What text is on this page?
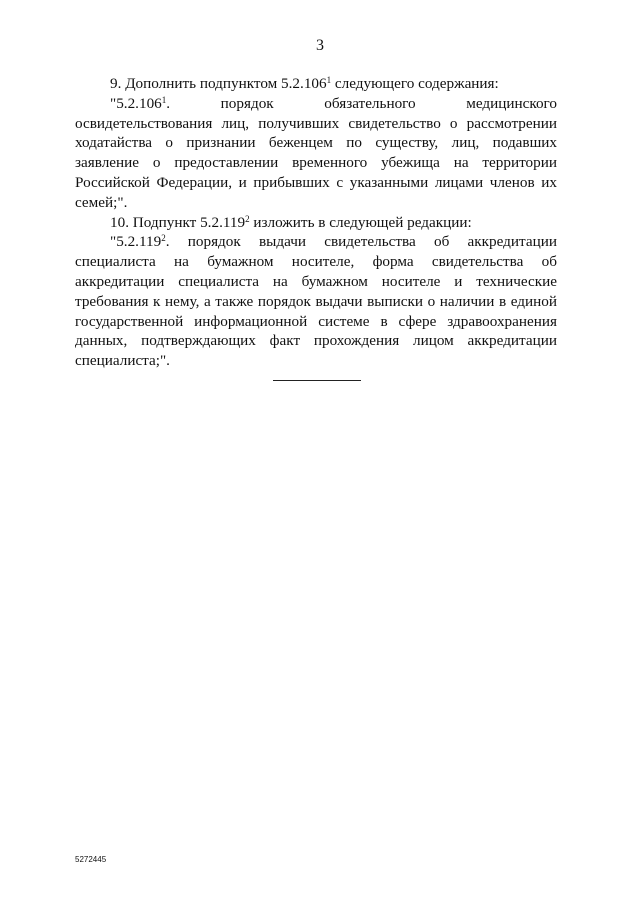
3

9. Дополнить подпунктом 5.2.106$^1$ следующего содержания:

"5.2.106$^1$. порядок обязательного медицинского освидетельствования лиц, получивших свидетельство о рассмотрении ходатайства о признании беженцем по существу, лиц, подавших заявление о предоставлении временного убежища на территории Российской Федерации, и прибывших с указанными лицами членов их семей;".

10. Подпункт 5.2.119$^2$ изложить в следующей редакции:

"5.2.119$^2$. порядок выдачи свидетельства об аккредитации специалиста на бумажном носителе, форма свидетельства об аккредитации специалиста на бумажном носителе и технические требования к нему, а также порядок выдачи выписки о наличии в единой государственной информационной системе в сфере здравоохранения данных, подтверждающих факт прохождения лицом аккредитации специалиста;".

5272445
